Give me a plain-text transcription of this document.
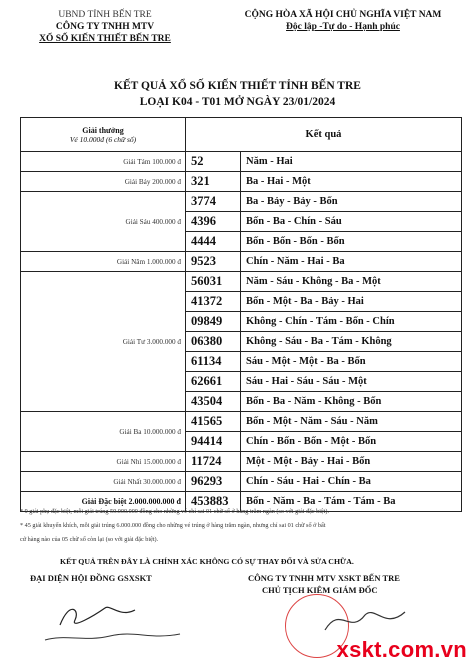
UBND TỈNH BẾN TRE
CÔNG TY TNHH MTV
XỔ SỐ KIẾN THIẾT BẾN TRE
CỘNG HÒA XÃ HỘI CHỦ NGHĨA VIỆT NAM
Độc lập -Tự do - Hạnh phúc
KẾT QUẢ XỔ SỐ KIẾN THIẾT TỈNH BẾN TRE
LOẠI K04 - T01 MỞ NGÀY 23/01/2024
Giải thưởng
Vé 10.000đ (6 chữ số)	Kết quả	
Giải Tám 100.000 đ	52	Năm - Hai
Giải Bảy 200.000 đ	321	Ba - Hai - Một
Giải Sáu 400.000 đ	3774	Ba - Bảy - Bảy - Bốn
	4396	Bốn - Ba - Chín - Sáu
	4444	Bốn - Bốn - Bốn - Bốn
Giải Năm 1.000.000 đ	9523	Chín - Năm - Hai - Ba
Giải Tư 3.000.000 đ	56031	Năm - Sáu - Không - Ba - Một
	41372	Bốn - Một - Ba - Bảy - Hai
	09849	Không - Chín - Tám - Bốn - Chín
	06380	Không - Sáu - Ba - Tám - Không
	61134	Sáu - Một - Một - Ba - Bốn
	62661	Sáu - Hai - Sáu - Sáu - Một
	43504	Bốn - Ba - Năm - Không - Bốn
Giải Ba 10.000.000 đ	41565	Bốn - Một - Năm - Sáu - Năm
	94414	Chín - Bốn - Bốn - Một - Bốn
Giải Nhì 15.000.000 đ	11724	Một - Một - Bảy - Hai - Bốn
Giải Nhất 30.000.000 đ	96293	Chín - Sáu - Hai - Chín - Ba
Giải Đặc biệt 2.000.000.000 đ	453883	Bốn - Năm - Ba - Tám - Tám - Ba
* 9 giải phụ đặc biệt, mỗi giải trúng 50.000.000 đồng cho những vé chỉ sai 01 chữ số ở hàng trăm ngàn (so với giải đặc biệt).
* 45 giải khuyến khích, mỗi giải trúng 6.000.000 đồng cho những vé trúng ở hàng trăm ngàn, nhưng chỉ sai 01 chữ số ở bất
cứ hàng nào của 05 chữ số còn lại (so với giải đặc biệt).
KẾT QUẢ TRÊN ĐÂY LÀ CHÍNH XÁC KHÔNG CÓ SỰ THAY ĐỔI VÀ SỬA CHỮA.
ĐẠI DIỆN HỘI ĐỒNG GSXSKT	CÔNG TY TNHH MTV XSKT BẾN TRE
CHỦ TỊCH KIÊM GIÁM ĐỐC
xskt.com.vn
